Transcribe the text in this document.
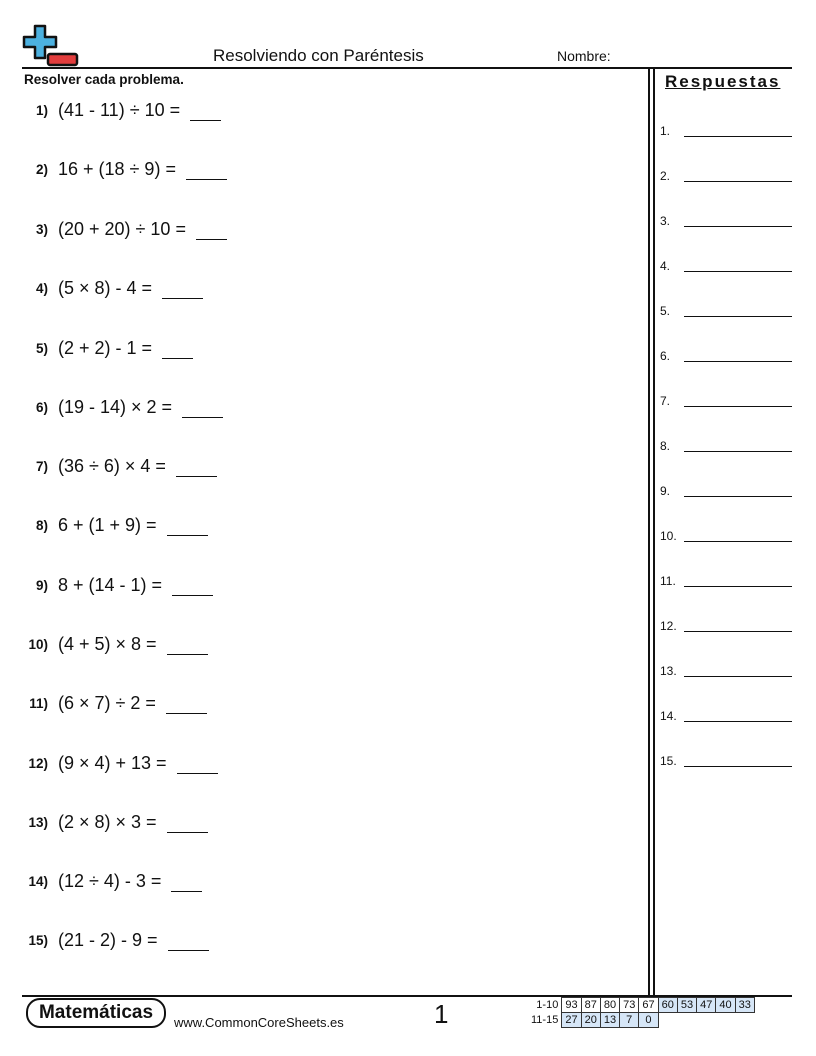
Resolviendo con Paréntesis	Nombre:
Resolver cada problema.
1) (41 - 11) ÷ 10 =
2) 16 + (18 ÷ 9) =
3) (20 + 20) ÷ 10 =
4) (5 × 8) - 4 =
5) (2 + 2) - 1 =
6) (19 - 14) × 2 =
7) (36 ÷ 6) × 4 =
8) 6 + (1 + 9) =
9) 8 + (14 - 1) =
10) (4 + 5) × 8 =
11) (6 × 7) ÷ 2 =
12) (9 × 4) + 13 =
13) (2 × 8) × 3 =
14) (12 ÷ 4) - 3 =
15) (21 - 2) - 9 =
Respuestas
1.
2.
3.
4.
5.
6.
7.
8.
9.
10.
11.
12.
13.
14.
15.
Matemáticas	www.CommonCoreSheets.es	1	1-10	93	87	80	73	67	60	53	47	40	33
11-15	27	20	13	7	0					
